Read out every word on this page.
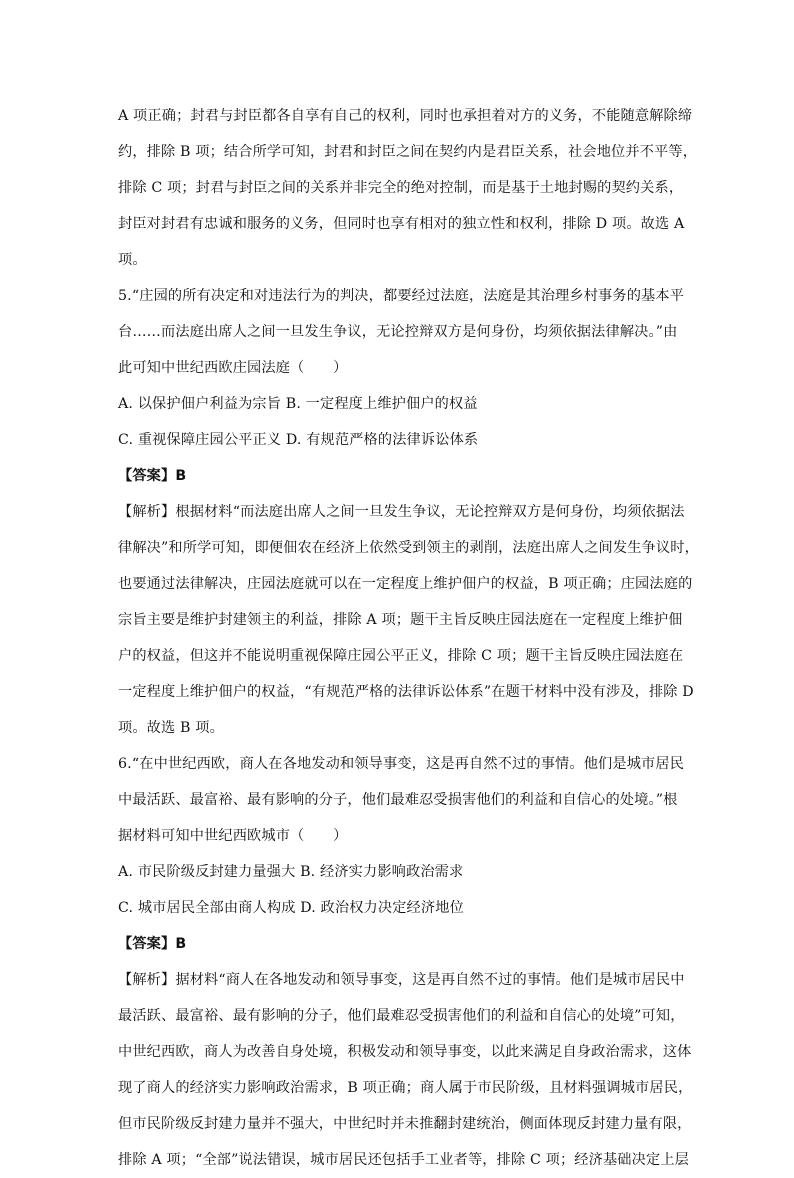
A 项正确；封君与封臣都各自享有自己的权利，同时也承担着对方的义务，不能随意解除缔
约，排除 B 项；结合所学可知，封君和封臣之间在契约内是君臣关系，社会地位并不平等，
排除 C 项；封君与封臣之间的关系并非完全的绝对控制，而是基于土地封赐的契约关系，
封臣对封君有忠诚和服务的义务，但同时也享有相对的独立性和权利，排除 D 项。故选 A
项。
5.“庄园的所有决定和对违法行为的判决，都要经过法庭，法庭是其治理乡村事务的基本平
台……而法庭出席人之间一旦发生争议，无论控辩双方是何身份，均须依据法律解决。”由
此可知中世纪西欧庄园法庭（　　）
A. 以保护佃户利益为宗旨 B. 一定程度上维护佃户的权益
C. 重视保障庄园公平正义 D. 有规范严格的法律诉讼体系
【答案】B
【解析】根据材料“而法庭出席人之间一旦发生争议，无论控辩双方是何身份，均须依据法
律解决”和所学可知，即便佃农在经济上依然受到领主的剥削，法庭出席人之间发生争议时，
也要通过法律解决，庄园法庭就可以在一定程度上维护佃户的权益，B 项正确；庄园法庭的
宗旨主要是维护封建领主的利益，排除 A 项；题干主旨反映庄园法庭在一定程度上维护佃
户的权益，但这并不能说明重视保障庄园公平正义，排除 C 项；题干主旨反映庄园法庭在
一定程度上维护佃户的权益，“有规范严格的法律诉讼体系”在题干材料中没有涉及，排除 D
项。故选 B 项。
6.“在中世纪西欧，商人在各地发动和领导事变，这是再自然不过的事情。他们是城市居民
中最活跃、最富裕、最有影响的分子，他们最难忍受损害他们的利益和自信心的处境。”根
据材料可知中世纪西欧城市（　　）
A. 市民阶级反封建力量强大 B. 经济实力影响政治需求
C. 城市居民全部由商人构成 D. 政治权力决定经济地位
【答案】B
【解析】据材料“商人在各地发动和领导事变，这是再自然不过的事情。他们是城市居民中
最活跃、最富裕、最有影响的分子，他们最难忍受损害他们的利益和自信心的处境”可知，
中世纪西欧，商人为改善自身处境，积极发动和领导事变，以此来满足自身政治需求，这体
现了商人的经济实力影响政治需求，B 项正确；商人属于市民阶级，且材料强调城市居民，
但市民阶级反封建力量并不强大，中世纪时并未推翻封建统治，侧面体现反封建力量有限，
排除 A 项；“全部”说法错误，城市居民还包括手工业者等，排除 C 项；经济基础决定上层
